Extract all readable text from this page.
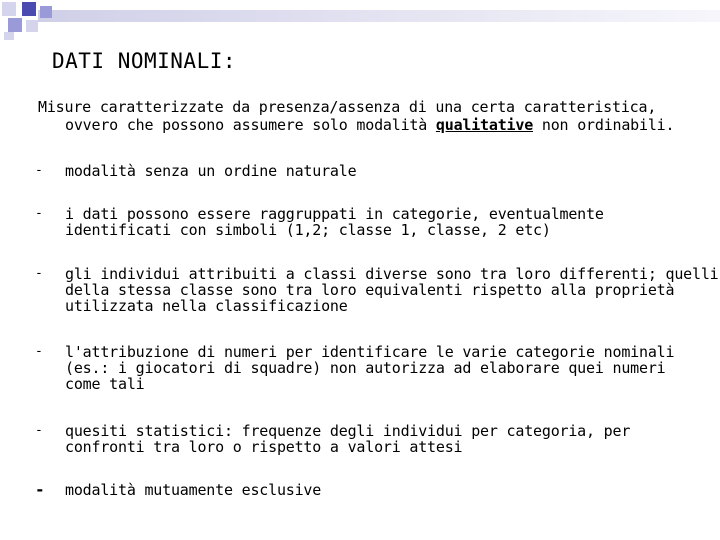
DATI NOMINALI:
Misure caratterizzate da presenza/assenza di una certa caratteristica,
ovvero che possono assumere solo modalità qualitative non ordinabili.
- modalità senza un ordine naturale
- i dati possono essere raggruppati in categorie, eventualmente
identificati con simboli (1,2; classe 1, classe, 2 etc)
- gli individui attribuiti a classi diverse sono tra loro differenti; quelli
della stessa classe sono tra loro equivalenti rispetto alla proprietà
utilizzata nella classificazione
- l'attribuzione di numeri per identificare le varie categorie nominali
(es.: i giocatori di squadre) non autorizza ad elaborare quei numeri
come tali
- quesiti statistici: frequenze degli individui per categoria, per
confronti tra loro o rispetto a valori attesi
- modalità mutuamente esclusive
